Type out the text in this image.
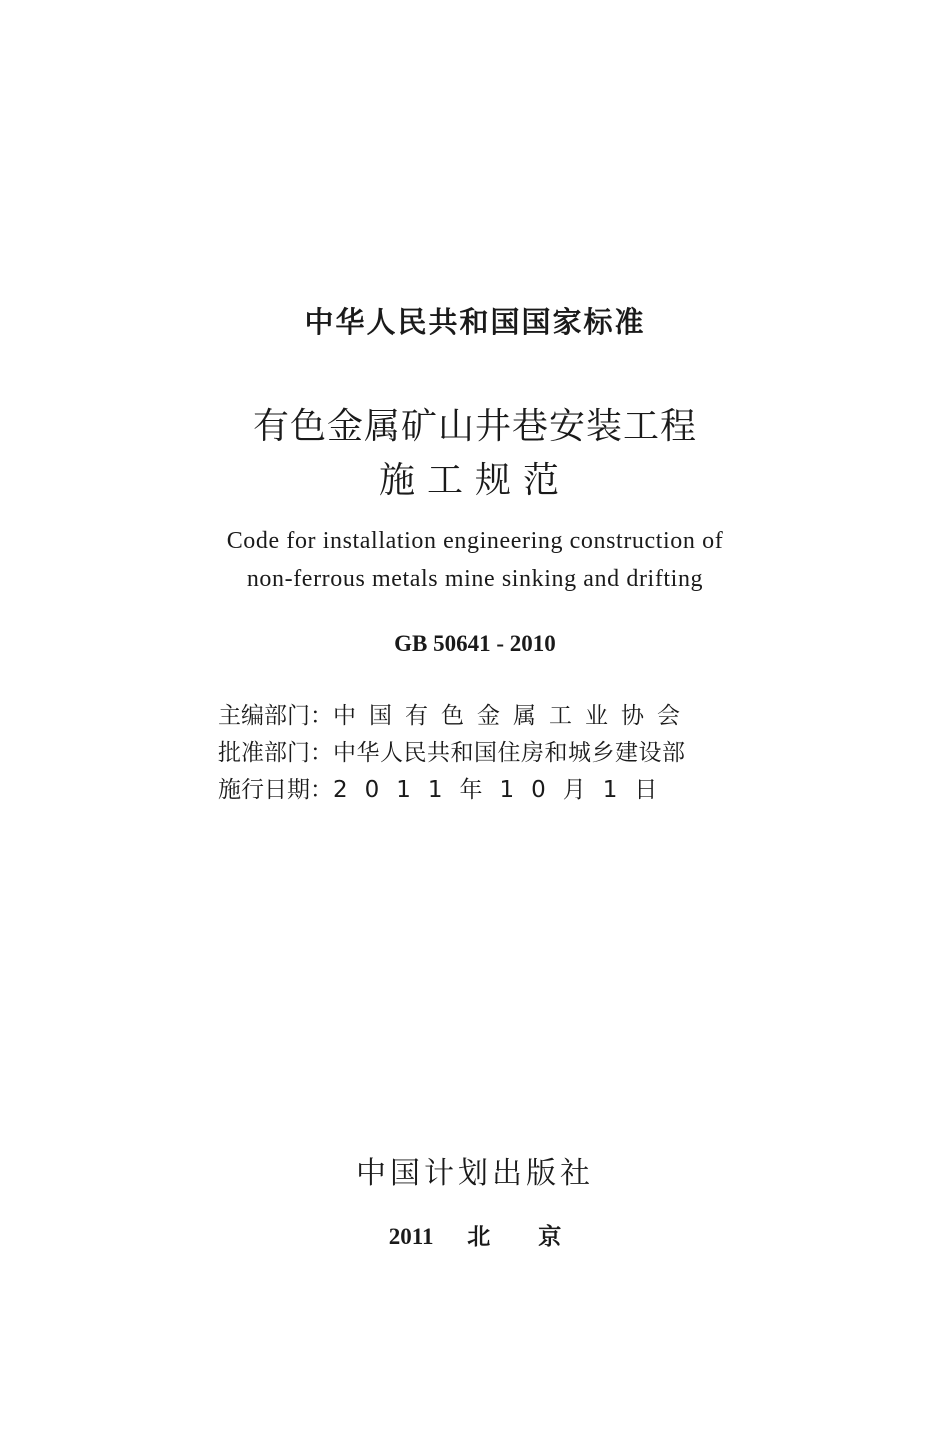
中华人民共和国国家标准
有色金属矿山井巷安装工程
施工规范
Code for installation engineering construction of
non-ferrous metals mine sinking and drifting
GB 50641 - 2010
主编部门： 中国有色金属工业协会
批准部门： 中华人民共和国住房和城乡建设部
施行日期： 2011年10月1日
中国计划出版社
2011 北京
